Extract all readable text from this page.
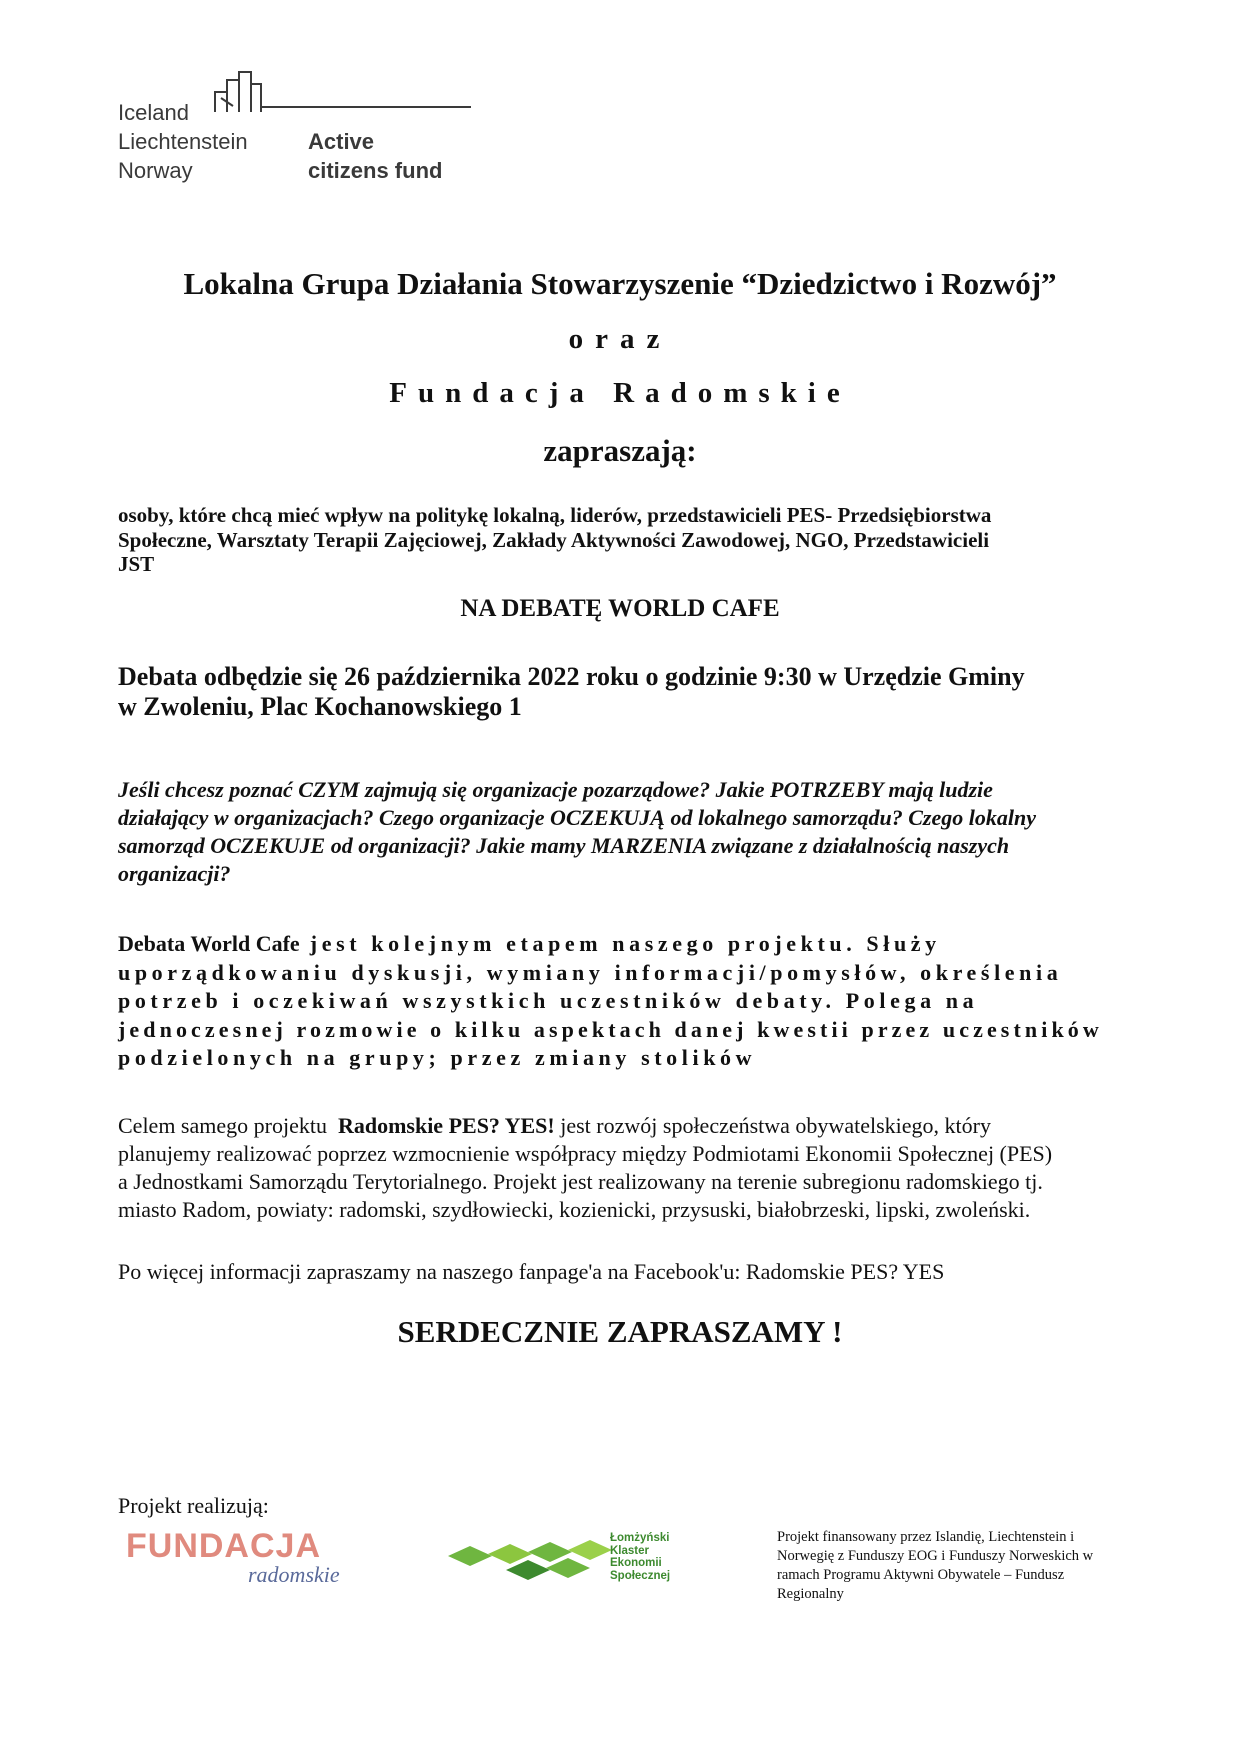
Iceland
Liechtenstein
Norway
Active
citizens fund
Lokalna Grupa Działania Stowarzyszenie “Dziedzictwo i Rozwój”
oraz
Fundacja Radomskie
zapraszają:
osoby, które chcą mieć wpływ na politykę lokalną, liderów, przedstawicieli PES- Przedsiębiorstwa
Społeczne, Warsztaty Terapii Zajęciowej, Zakłady Aktywności Zawodowej, NGO, Przedstawicieli
JST
NA DEBATĘ WORLD CAFE
Debata odbędzie się 26 października 2022 roku o godzinie 9:30 w Urzędzie Gminy
w Zwoleniu, Plac Kochanowskiego 1
Jeśli chcesz poznać CZYM zajmują się organizacje pozarządowe? Jakie POTRZEBY mają ludzie
działający w organizacjach? Czego organizacje OCZEKUJĄ od lokalnego samorządu? Czego lokalny
samorząd OCZEKUJE od organizacji? Jakie mamy MARZENIA związane z działalnością naszych
organizacji?
Debata World Cafe jest kolejnym etapem naszego projektu. Służy
uporządkowaniu dyskusji, wymiany informacji/pomysłów, określenia
potrzeb i oczekiwań wszystkich uczestników debaty. Polega na
jednoczesnej rozmowie o kilku aspektach danej kwestii przez uczestników
podzielonych na grupy; przez zmiany stolików
Celem samego projektu  Radomskie PES? YES! jest rozwój społeczeństwa obywatelskiego, który
planujemy realizować poprzez wzmocnienie współpracy między Podmiotami Ekonomii Społecznej (PES)
a Jednostkami Samorządu Terytorialnego. Projekt jest realizowany na terenie subregionu radomskiego tj.
miasto Radom, powiaty: radomski, szydłowiecki, kozienicki, przysuski, białobrzeski, lipski, zwoleński.
Po więcej informacji zapraszamy na naszego fanpage'a na Facebook'u: Radomskie PES? YES
SERDECZNIE ZAPRASZAMY !
Projekt realizują:
FUNDACJA
radomskie
Łomżyński
Klaster
Ekonomii
Społecznej
Projekt finansowany przez Islandię, Liechtenstein i
Norwegię z Funduszy EOG i Funduszy Norweskich w
ramach Programu Aktywni Obywatele – Fundusz
Regionalny
